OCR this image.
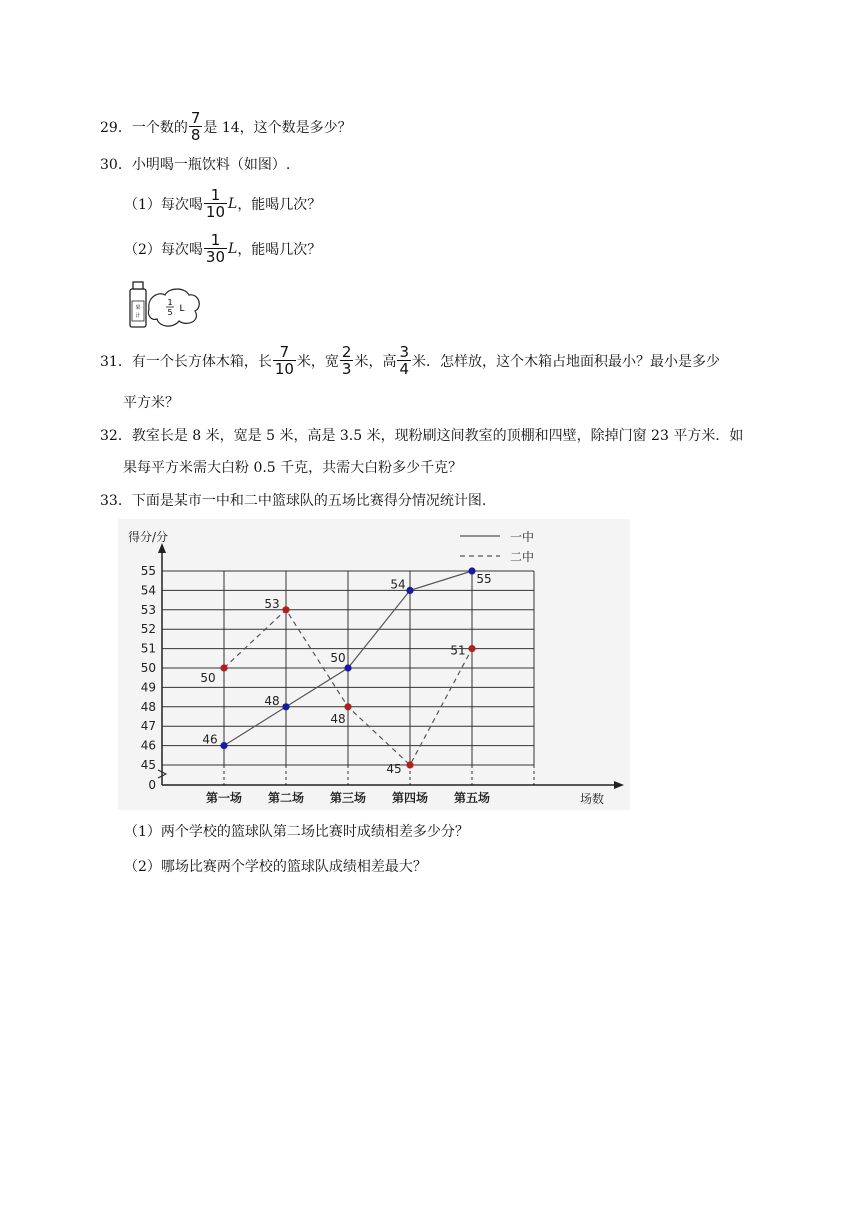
29． 一个数的 $\frac{7}{8}$ 是 14，这个数是多少？
30． 小明喝一瓶饮料（如图）.
（1）每次喝 $\frac{1}{10}$ L ，能喝几次？
（2）每次喝 $\frac{1}{30}$ L ，能喝几次？
果
汁
1
5 L
31． 有一个长方体木箱，长 $\frac{7}{10}$ 米，宽 $\frac{2}{3}$ 米，高 $\frac{3}{4}$ 米．怎样放，这个木箱占地面积最小？最小是多少
平方米？
32． 教室长是 8 米，宽是 5 米，高是 3.5 米，现粉刷这间教室的顶棚和四壁，除掉门窗 23 平方米．如
果每平方米需大白粉 0.5 千克，共需大白粉多少千克？
33． 下面是某市一中和二中篮球队的五场比赛得分情况统计图.
0
45
46
47
48
49
50
51
52
53
54
55
第一场 第二场 第三场 第四场 第五场
得分/分
场数
46
48
50
54	55
50
53
48
45
51
一中
二中
（1）两个学校的篮球队第二场比赛时成绩相差多少分？
（2）哪场比赛两个学校的篮球队成绩相差最大？
